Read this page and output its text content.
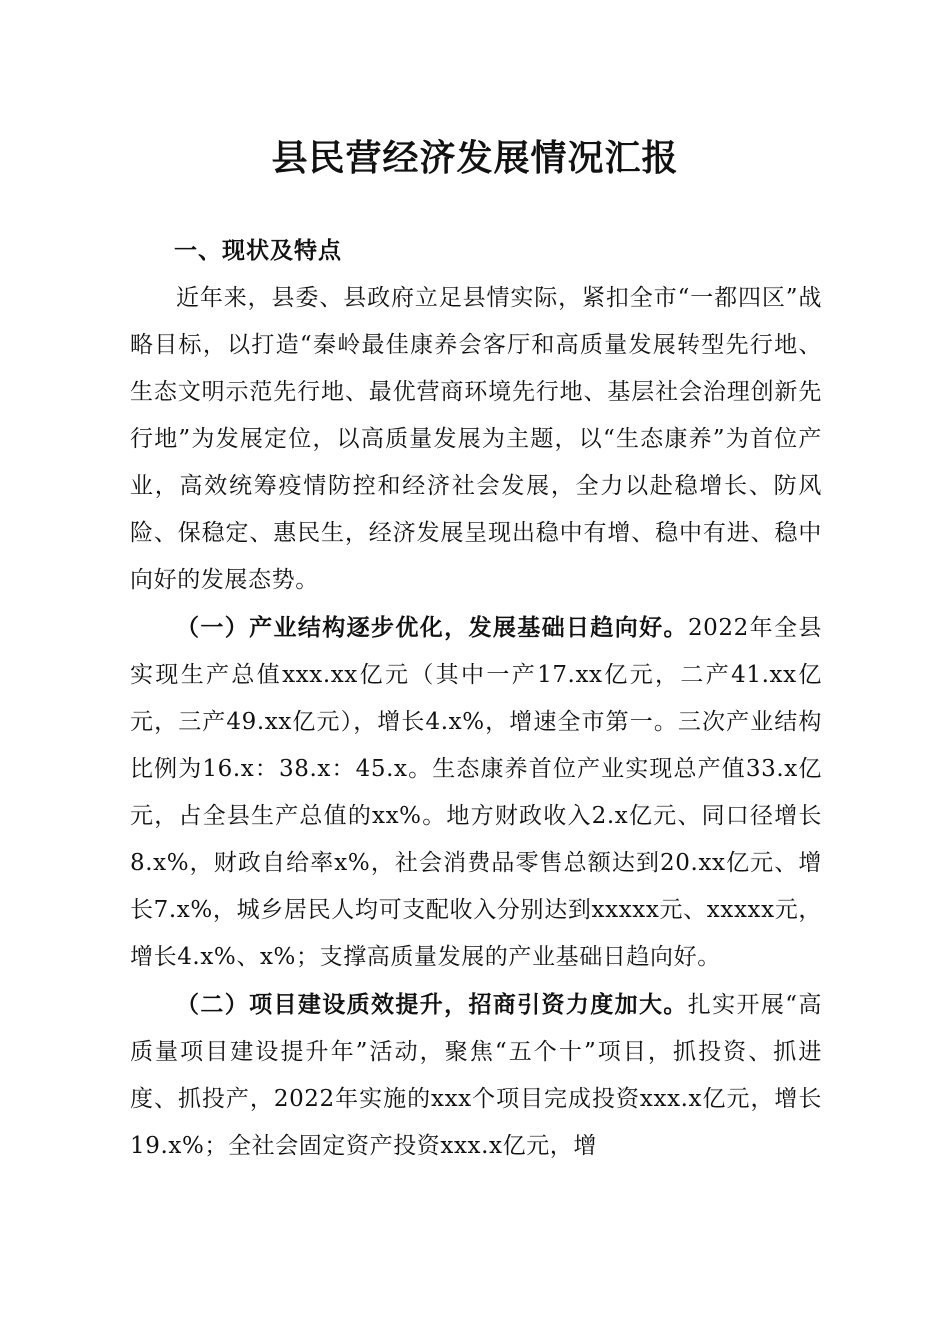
县民营经济发展情况汇报
一、现状及特点

近年来，县委、县政府立足县情实际，紧扣全市“一都四区”战略目标，以打造“秦岭最佳康养会客厅和高质量发展转型先行地、生态文明示范先行地、最优营商环境先行地、基层社会治理创新先行地”为发展定位，以高质量发展为主题，以“生态康养”为首位产业，高效统筹疫情防控和经济社会发展，全力以赴稳增长、防风险、保稳定、惠民生，经济发展呈现出稳中有增、稳中有进、稳中向好的发展态势。

（一）产业结构逐步优化，发展基础日趋向好。2022年全县实现生产总值xxx.xx亿元（其中一产17.xx亿元，二产41.xx亿元，三产49.xx亿元），增长4.x%，增速全市第一。三次产业结构比例为16.x：38.x：45.x。生态康养首位产业实现总产值33.x亿元，占全县生产总值的xx%。地方财政收入2.x亿元、同口径增长8.x%，财政自给率x%，社会消费品零售总额达到20.xx亿元、增长7.x%，城乡居民人均可支配收入分别达到xxxxx元、xxxxx元，增长4.x%、x%；支撑高质量发展的产业基础日趋向好。

（二）项目建设质效提升，招商引资力度加大。扎实开展“高质量项目建设提升年”活动，聚焦“五个十”项目，抓投资、抓进度、抓投产，2022年实施的xxx个项目完成投资xxx.x亿元，增长19.x%；全社会固定资产投资xxx.x亿元，增
